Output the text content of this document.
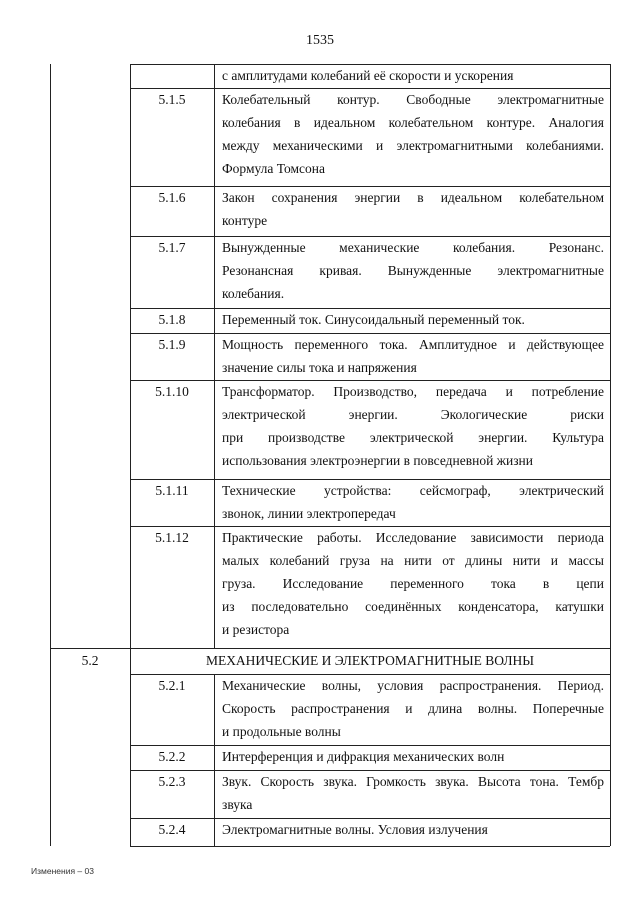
1535
с амплитудами колебаний её скорости и ускорения
5.1.5	Колебательный контур. Свободные электромагнитные
колебания в идеальном колебательном контуре. Аналогия
между механическими и электромагнитными колебаниями.
Формула Томсона
5.1.6	Закон сохранения энергии в идеальном колебательном
контуре
5.1.7	Вынужденные механические колебания. Резонанс.
Резонансная кривая. Вынужденные электромагнитные
колебания.
5.1.8	Переменный ток. Синусоидальный переменный ток.
5.1.9	Мощность переменного тока. Амплитудное и действующее
значение силы тока и напряжения
5.1.10	Трансформатор. Производство, передача и потребление
электрической энергии. Экологические риски
при производстве электрической энергии. Культура
использования электроэнергии в повседневной жизни
5.1.11	Технические устройства: сейсмограф, электрический
звонок, линии электропередач
5.1.12	Практические работы. Исследование зависимости периода
малых колебаний груза на нити от длины нити и массы
груза. Исследование переменного тока в цепи
из последовательно соединённых конденсатора, катушки
и резистора
5.2	МЕХАНИЧЕСКИЕ И ЭЛЕКТРОМАГНИТНЫЕ ВОЛНЫ
5.2.1	Механические волны, условия распространения. Период.
Скорость распространения и длина волны. Поперечные
и продольные волны
5.2.2	Интерференция и дифракция механических волн
5.2.3	Звук. Скорость звука. Громкость звука. Высота тона. Тембр
звука
5.2.4	Электромагнитные волны. Условия излучения
Изменения – 03
